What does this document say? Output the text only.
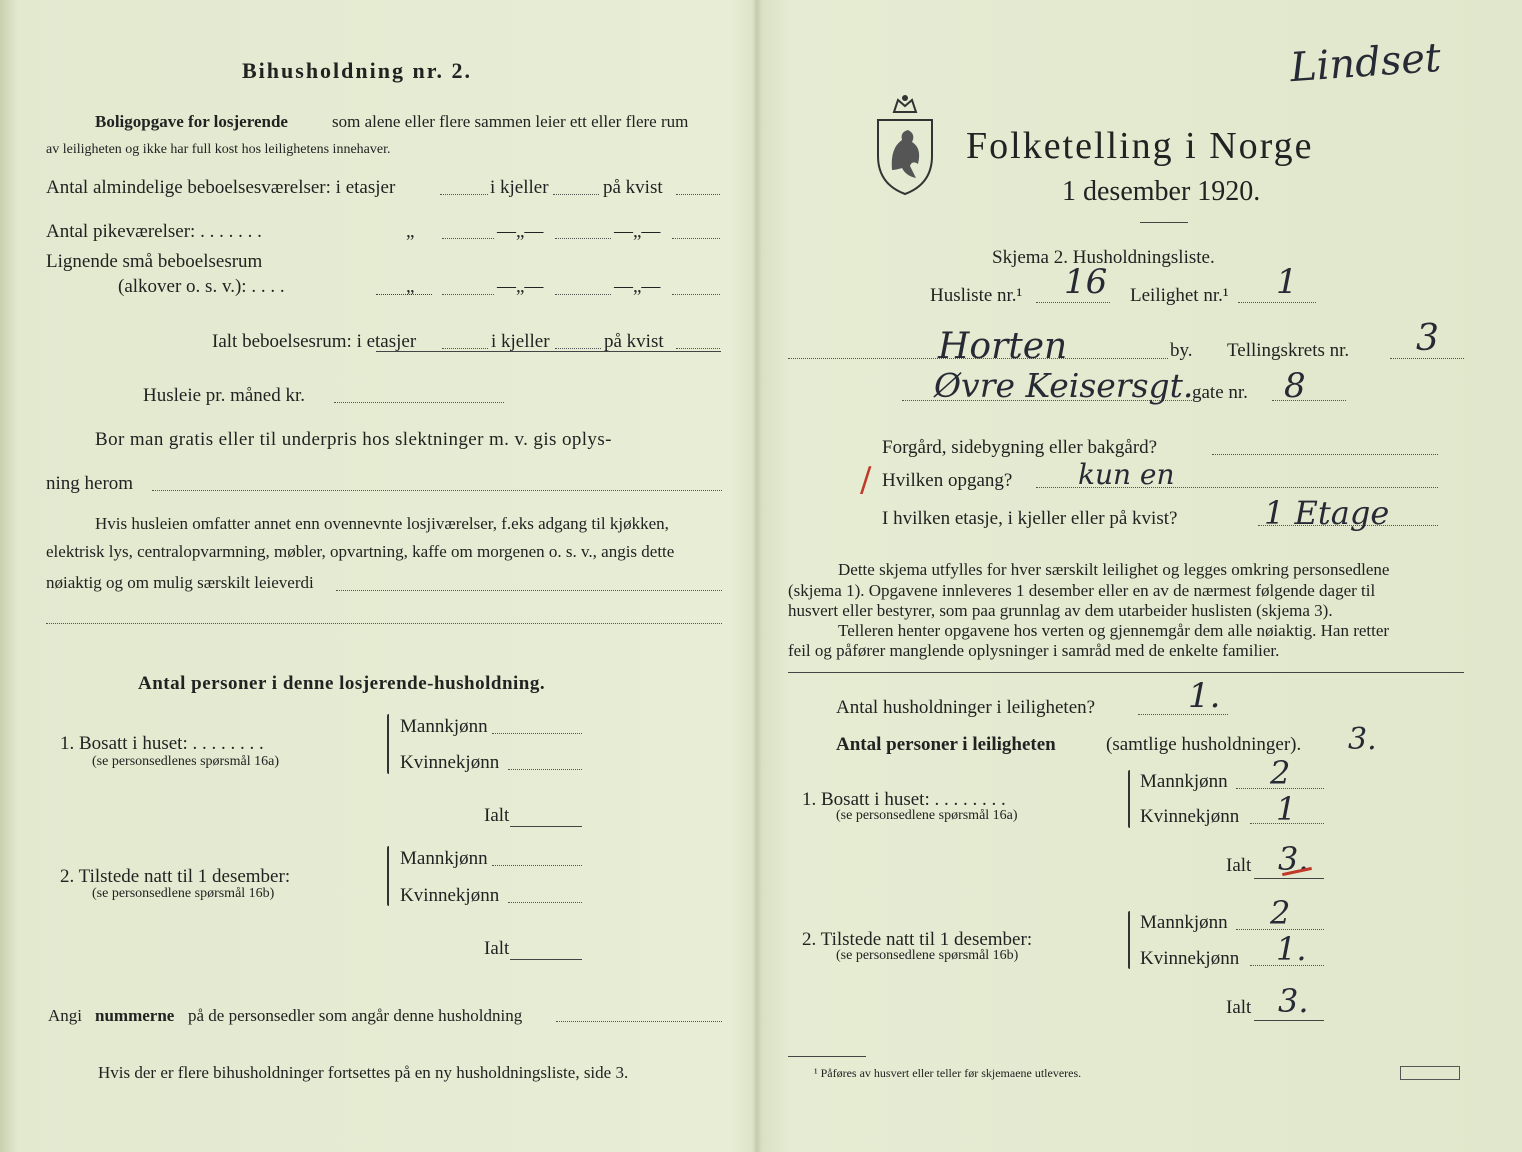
Bihusholdning nr. 2.
Boligopgave for losjerende	som alene eller flere sammen leier ett eller flere rum
av leiligheten og ikke har full kost hos leilighetens innehaver.
Antal almindelige beboelsesværelser: i etasjer	i kjeller	på kvist
Antal pikeværelser: . . . . . . .	„	—„—	—„—
Lignende små beboelsesrum
(alkover o. s. v.): . . . .	„	—„—	—„—
Ialt beboelsesrum: i etasjer	i kjeller	på kvist
Husleie pr. måned kr.
Bor man gratis eller til underpris hos slektninger m. v. gis oplys-
ning herom
Hvis husleien omfatter annet enn ovennevnte losjiværelser, f.eks adgang til kjøkken,
elektrisk lys, centralopvarmning, møbler, opvartning, kaffe om morgenen o. s. v., angis dette
nøiaktig og om mulig særskilt leieverdi
Antal personer i denne losjerende-husholdning.
1. Bosatt i huset: . . . . . . . .
(se personsedlenes spørsmål 16a)
Mannkjønn
Kvinnekjønn
Ialt
2. Tilstede natt til 1 desember:
(se personsedlene spørsmål 16b)
Mannkjønn
Kvinnekjønn
Ialt
Angi nummerne på de personsedler som angår denne husholdning
Hvis der er flere bihusholdninger fortsettes på en ny husholdningsliste, side 3.
Lindset
Folketelling i Norge
1 desember 1920.
Skjema 2. Husholdningsliste.
Husliste nr.¹ 16 Leilighet nr.¹ 1
Horten	by. Tellingskrets nr. 3
Øvre Keisersgt.
gate nr. 8
Forgård, sidebygning eller bakgård?
/ Hvilken opgang? kun en
I hvilken etasje, i kjeller eller på kvist?	1 Etage
Dette skjema utfylles for hver særskilt leilighet og legges omkring personsedlene
(skjema 1). Opgavene innleveres 1 desember eller en av de nærmest følgende dager til
husvert eller bestyrer, som paa grunnlag av dem utarbeider huslisten (skjema 3).
Telleren henter opgavene hos verten og gjennemgår dem alle nøiaktig. Han retter
feil og påfører manglende oplysninger i samråd med de enkelte familier.
Antal husholdninger i leiligheten?	1.
Antal personer i leiligheten	(samtlige husholdninger). 3.
1. Bosatt i huset: . . . . . . . .
(se personsedlene spørsmål 16a)
Mannkjønn 2
Kvinnekjønn 1
Ialt 3.
2. Tilstede natt til 1 desember:
(se personsedlene spørsmål 16b)
Mannkjønn 2
Kvinnekjønn 1.
Ialt 3.
¹ Påføres av husvert eller teller før skjemaene utleveres.
